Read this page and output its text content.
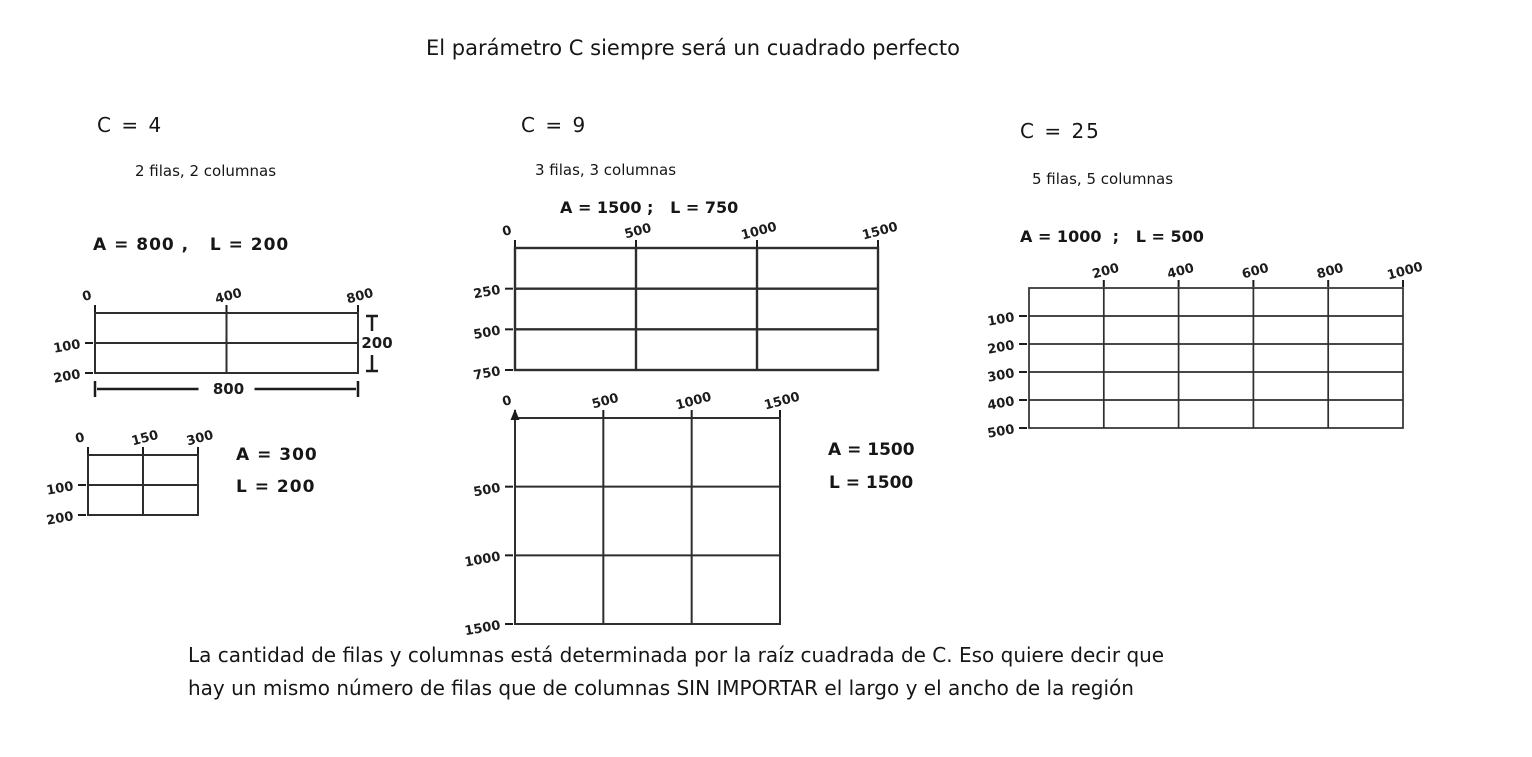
El parámetro C siempre será un cuadrado perfecto
C = 4
2 filas, 2 columnas
A = 800 ,   L = 200
A = 300
L = 200
C = 9
3 filas, 3 columnas
A = 1500 ;   L = 750
A = 1500
L = 1500
C = 25
5 filas, 5 columnas
A = 1000  ;   L = 500
La cantidad de filas y columnas está determinada por la raíz cuadrada de C. Eso quiere decir que
hay un mismo número de filas que de columnas SIN IMPORTAR el largo y el ancho de la región
0	400	800
100
200
200
800
0	150 300
100
200
0	500	1000	1500
250
500
750
0	500	1000	1500
500
1000
1500
200	400	600	800	1000
100
200
300
400
500
